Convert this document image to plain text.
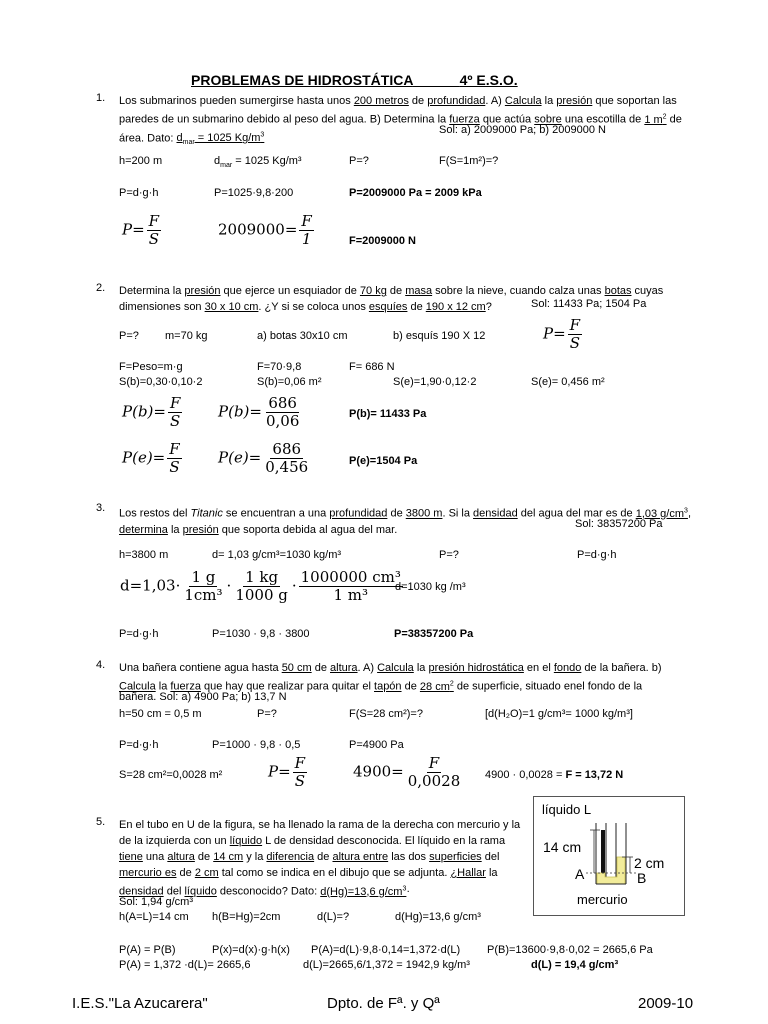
PROBLEMAS DE HIDROSTÁTICA	4º E.S.O.
1. Los submarinos pueden sumergirse hasta unos 200 metros de profundidad. A) Calcula la presión que soportan las paredes de un submarino debido al peso del agua. B) Determina la fuerza que actúa sobre una escotilla de 1 $m^2$ de área. Dato: $d_{mar} = 1025$ $Kg/m^3$	Sol: a) 2009000 Pa; b) 2009000 N
h=200 m	$d_{mar} = 1025$ Kg/m³	P=?	F(S=1m²)=?
P=d·g·h	P=1025·9,8·200	P=2009000 Pa = 2009 kPa
$P= \frac{F}{S}$	$2009000= \frac{F}{1}$	F=2009000 N
2. Determina la presión que ejerce un esquiador de 70 kg de masa sobre la nieve, cuando calza unas botas cuyas dimensiones son 30 x 10 cm. ¿Y si se coloca unos esquíes de 190 x 12 cm?	Sol: 11433 Pa; 1504 Pa
P=? m=70 kg	a) botas 30x10 cm	b) esquís 190 X 12	$P= \frac{F}{S}$
F=Peso=m·g	F=70·9,8	F= 686 N
S(b)=0,30·0,10·2	S(b)=0,06 m²	S(e)=1,90·0,12·2	S(e)= 0,456 m²
$P(b)= \frac{F}{S} P(b)= \frac{686}{0,06}$	P(b)= 11433 Pa
$P(e)= \frac{F}{S} P(e)= \frac{686}{0,456}$	P(e)=1504 Pa
3. Los restos del Titanic se encuentran a una profundidad de 3800 m. Si la densidad del agua del mar es de 1,03 $g/cm^3$, determina la presión que soporta debida al agua del mar.	Sol: 38357200 Pa
h=3800 m	d= 1,03 g/cm³=1030 kg/m³	P=?	P=d·g·h
$d=1,03\cdot \frac{1 g}{\text{1cm³}} \cdot \frac{1 kg}{1000 g} \cdot \frac{\text{1000000 cm³}}{\text{1 m³}}$
d=1030 kg /m³
P=d·g·h	P=1030 · 9,8 · 3800	P=38357200 Pa
4. Una bañera contiene agua hasta 50 cm de altura. A) Calcula la presión hidrostática en el fondo de la bañera. b) Calcula la fuerza que hay que realizar para quitar el tapón de 28 $cm^2$ de superficie, situado enel fondo de la
bañera. Sol: a) 4900 Pa; b) 13,7 N
h=50 cm = 0,5 m	P=?	F(S=28 cm²)=?	[d(H₂O)=1 g/cm³= 1000 kg/m³]
P=d·g·h	P=1000 · 9,8 · 0,5	P=4900 Pa
S=28 cm²=0,0028 m²	$P= \frac{F}{S}$	$4900= \frac{F}{0,0028} 4900 \cdot 0,0028 = F = 13,72$ N
5. En el tubo en U de la figura, se ha llenado la rama de la derecha con mercurio y la de la izquierda con un líquido L de densidad desconocida. El líquido en la rama tiene una altura de 14 cm y la diferencia de altura entre las dos superficies del mercurio es de 2 cm tal como se indica en el dibujo que se adjunta. ¿Hallar la densidad del líquido desconocido? Dato: d(Hg)=13,6 $g/cm^3\cdot$
Sol: 1,94 g/cm³
líquido L
14 cm
2 cm
A	B
mercurio
h(A=L)=14 cm h(B=Hg)=2cm	d(L)=?	d(Hg)=13,6 g/cm³
P(A) = P(B)	P(x)=d(x)·g·h(x) P(A)=d(L)·9,8·0,14=1,372·d(L) P(B)=13600·9,8·0,02 = 2665,6 Pa
P(A) = 1,372 ·d(L)= 2665,6	d(L)=2665,6/1,372 = 1942,9 kg/m³	d(L) = 19,4 g/cm³
I.E.S."La Azucarera"	Dpto. de Fª. y Qª	2009-10
